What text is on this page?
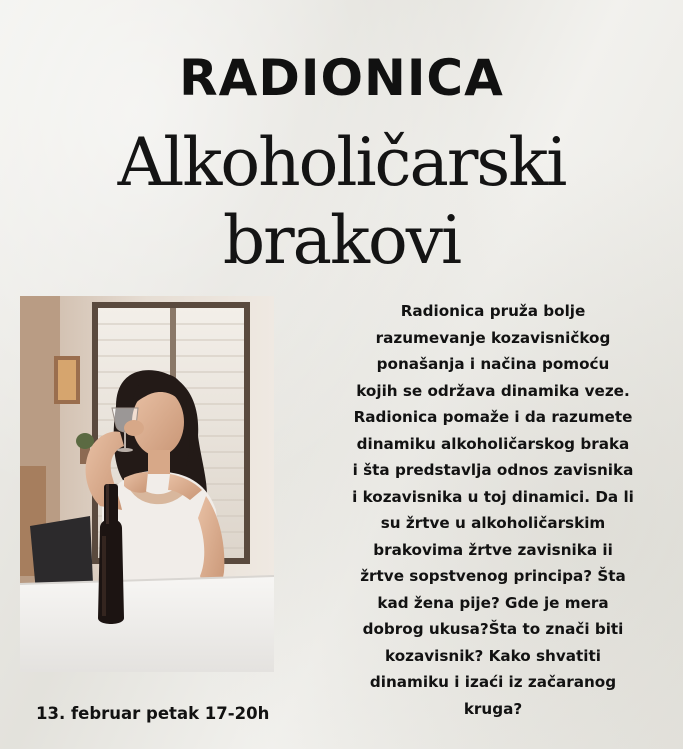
RADIONICA
Alkoholičarski
brakovi
Radionica pruža bolje
razumevanje kozavisničkog
ponašanja i načina pomoću
kojih se održava dinamika veze.
Radionica pomaže i da razumete
dinamiku alkoholičarskog braka
i šta predstavlja odnos zavisnika
i kozavisnika u toj dinamici. Da li
su žrtve u alkoholičarskim
brakovima žrtve zavisnika ii
žrtve sopstvenog principa? Šta
kad žena pije? Gde je mera
dobrog ukusa?Šta to znači biti
kozavisnik? Kako shvatiti
dinamiku i izaći iz začaranog
kruga?
13. februar petak 17-20h
